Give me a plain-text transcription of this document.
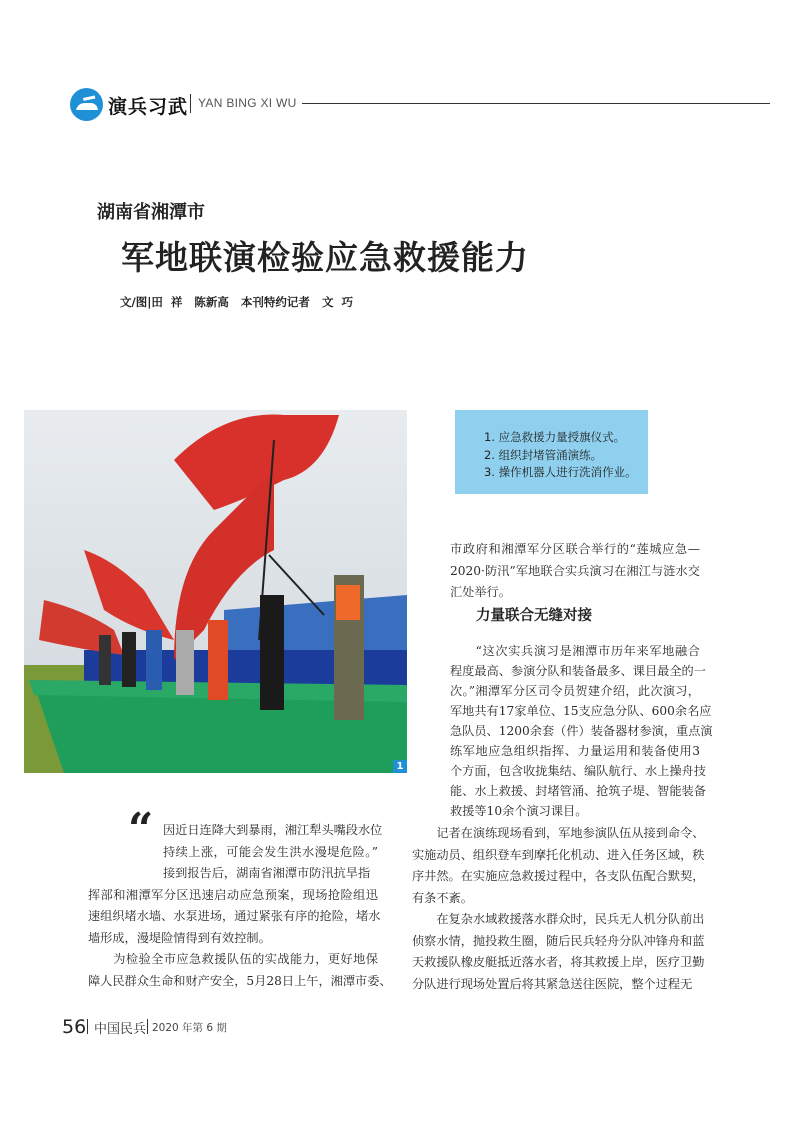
演兵习武 YAN BING XI WU
湖南省湘潭市
军地联演检验应急救援能力
文/图|田  祥   陈新高   本刊特约记者   文  巧
1
1. 应急救援力量授旗仪式。
2. 组织封堵管涌演练。
3. 操作机器人进行洗消作业。
“ 因近日连降大到暴雨，湘江犁头嘴段水位
持续上涨，可能会发生洪水漫堤危险。”
接到报告后，湖南省湘潭市防汛抗旱指
挥部和湘潭军分区迅速启动应急预案，现场抢险组迅
速组织堵水墙、水泵进场，通过紧张有序的抢险，堵水
墙形成，漫堤险情得到有效控制。
　　为检验全市应急救援队伍的实战能力，更好地保
障人民群众生命和财产安全，5月28日上午，湘潭市委、
市政府和湘潭军分区联合举行的“莲城应急—
2020·防汛”军地联合实兵演习在湘江与涟水交
汇处举行。
力量联合无缝对接
　　“这次实兵演习是湘潭市历年来军地融合
程度最高、参演分队和装备最多、课目最全的一
次。”湘潭军分区司令员贺建介绍，此次演习，
军地共有17家单位、15支应急分队、600余名应
急队员、1200余套（件）装备器材参演，重点演
练军地应急组织指挥、力量运用和装备使用3
个方面，包含收拢集结、编队航行、水上操舟技
能、水上救援、封堵管涌、抢筑子堤、智能装备
救援等10余个演习课目。
　　记者在演练现场看到，军地参演队伍从接到命令、
实施动员、组织登车到摩托化机动、进入任务区域，秩
序井然。在实施应急救援过程中，各支队伍配合默契，
有条不紊。
　　在复杂水域救援落水群众时，民兵无人机分队前出
侦察水情，抛投救生圈，随后民兵轻舟分队冲锋舟和蓝
天救援队橡皮艇抵近落水者，将其救援上岸，医疗卫勤
分队进行现场处置后将其紧急送往医院，整个过程无
56 中国民兵 2020 年第 6 期
